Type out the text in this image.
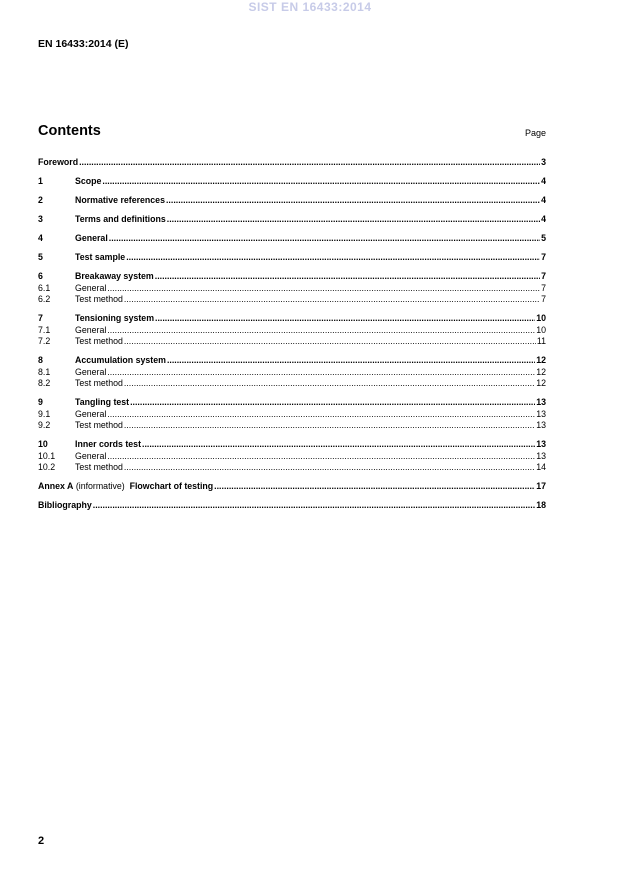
SIST EN 16433:2014
EN 16433:2014 (E)
Contents	Page
Foreword .....	3
1	Scope .....	4
2	Normative references .....	4
3	Terms and definitions .....	4
4	General .....	5
5	Test sample .....	7
6	Breakaway system .....	7
6.1	General .....	7
6.2	Test method .....	7
7	Tensioning system .....	10
7.1	General .....	10
7.2	Test method .....	11
8	Accumulation system .....	12
8.1	General .....	12
8.2	Test method .....	12
9	Tangling test .....	13
9.1	General .....	13
9.2	Test method .....	13
10	Inner cords test .....	13
10.1	General .....	13
10.2	Test method .....	14
Annex A (informative) Flowchart of testing .....	17
Bibliography .....	18
2
